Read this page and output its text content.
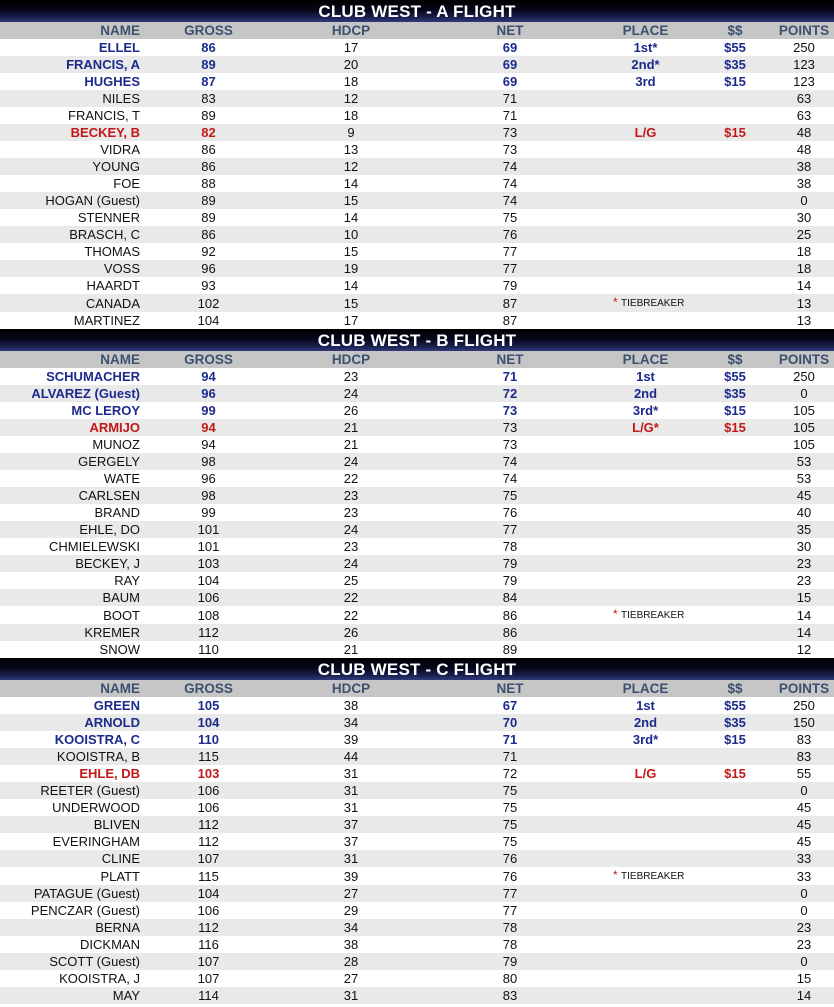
CLUB WEST - A FLIGHT
NAME	GROSS	HDCP	NET	PLACE	$$	POINTS
ELLEL	86	17	69	1st*	$55	250
FRANCIS, A	89	20	69	2nd*	$35	123
HUGHES	87	18	69	3rd	$15	123
NILES	83	12	71			63
FRANCIS, T	89	18	71			63
BECKEY, B	82	9	73	L/G	$15	48
VIDRA	86	13	73			48
YOUNG	86	12	74			38
FOE	88	14	74			38
HOGAN (Guest)	89	15	74			0
STENNER	89	14	75			30
BRASCH, C	86	10	76			25
THOMAS	92	15	77			18
VOSS	96	19	77			18
HAARDT	93	14	79			14
CANADA	102	15	87	* TIEBREAKER		13
MARTINEZ	104	17	87			13
CLUB WEST - B FLIGHT
NAME	GROSS	HDCP	NET	PLACE	$$	POINTS
SCHUMACHER	94	23	71	1st	$55	250
ALVAREZ (Guest)	96	24	72	2nd	$35	0
MC LEROY	99	26	73	3rd*	$15	105
ARMIJO	94	21	73	L/G*	$15	105
MUNOZ	94	21	73			105
GERGELY	98	24	74			53
WATE	96	22	74			53
CARLSEN	98	23	75			45
BRAND	99	23	76			40
EHLE, DO	101	24	77			35
CHMIELEWSKI	101	23	78			30
BECKEY, J	103	24	79			23
RAY	104	25	79			23
BAUM	106	22	84			15
BOOT	108	22	86	* TIEBREAKER		14
KREMER	112	26	86			14
SNOW	110	21	89			12
CLUB WEST - C FLIGHT
NAME	GROSS	HDCP	NET	PLACE	$$	POINTS
GREEN	105	38	67	1st	$55	250
ARNOLD	104	34	70	2nd	$35	150
KOOISTRA, C	110	39	71	3rd*	$15	83
KOOISTRA, B	115	44	71			83
EHLE, DB	103	31	72	L/G	$15	55
REETER (Guest)	106	31	75			0
UNDERWOOD	106	31	75			45
BLIVEN	112	37	75			45
EVERINGHAM	112	37	75			45
CLINE	107	31	76			33
PLATT	115	39	76	* TIEBREAKER		33
PATAGUE (Guest)	104	27	77			0
PENCZAR (Guest)	106	29	77			0
BERNA	112	34	78			23
DICKMAN	116	38	78			23
SCOTT (Guest)	107	28	79			0
KOOISTRA, J	107	27	80			15
MAY	114	31	83			14
